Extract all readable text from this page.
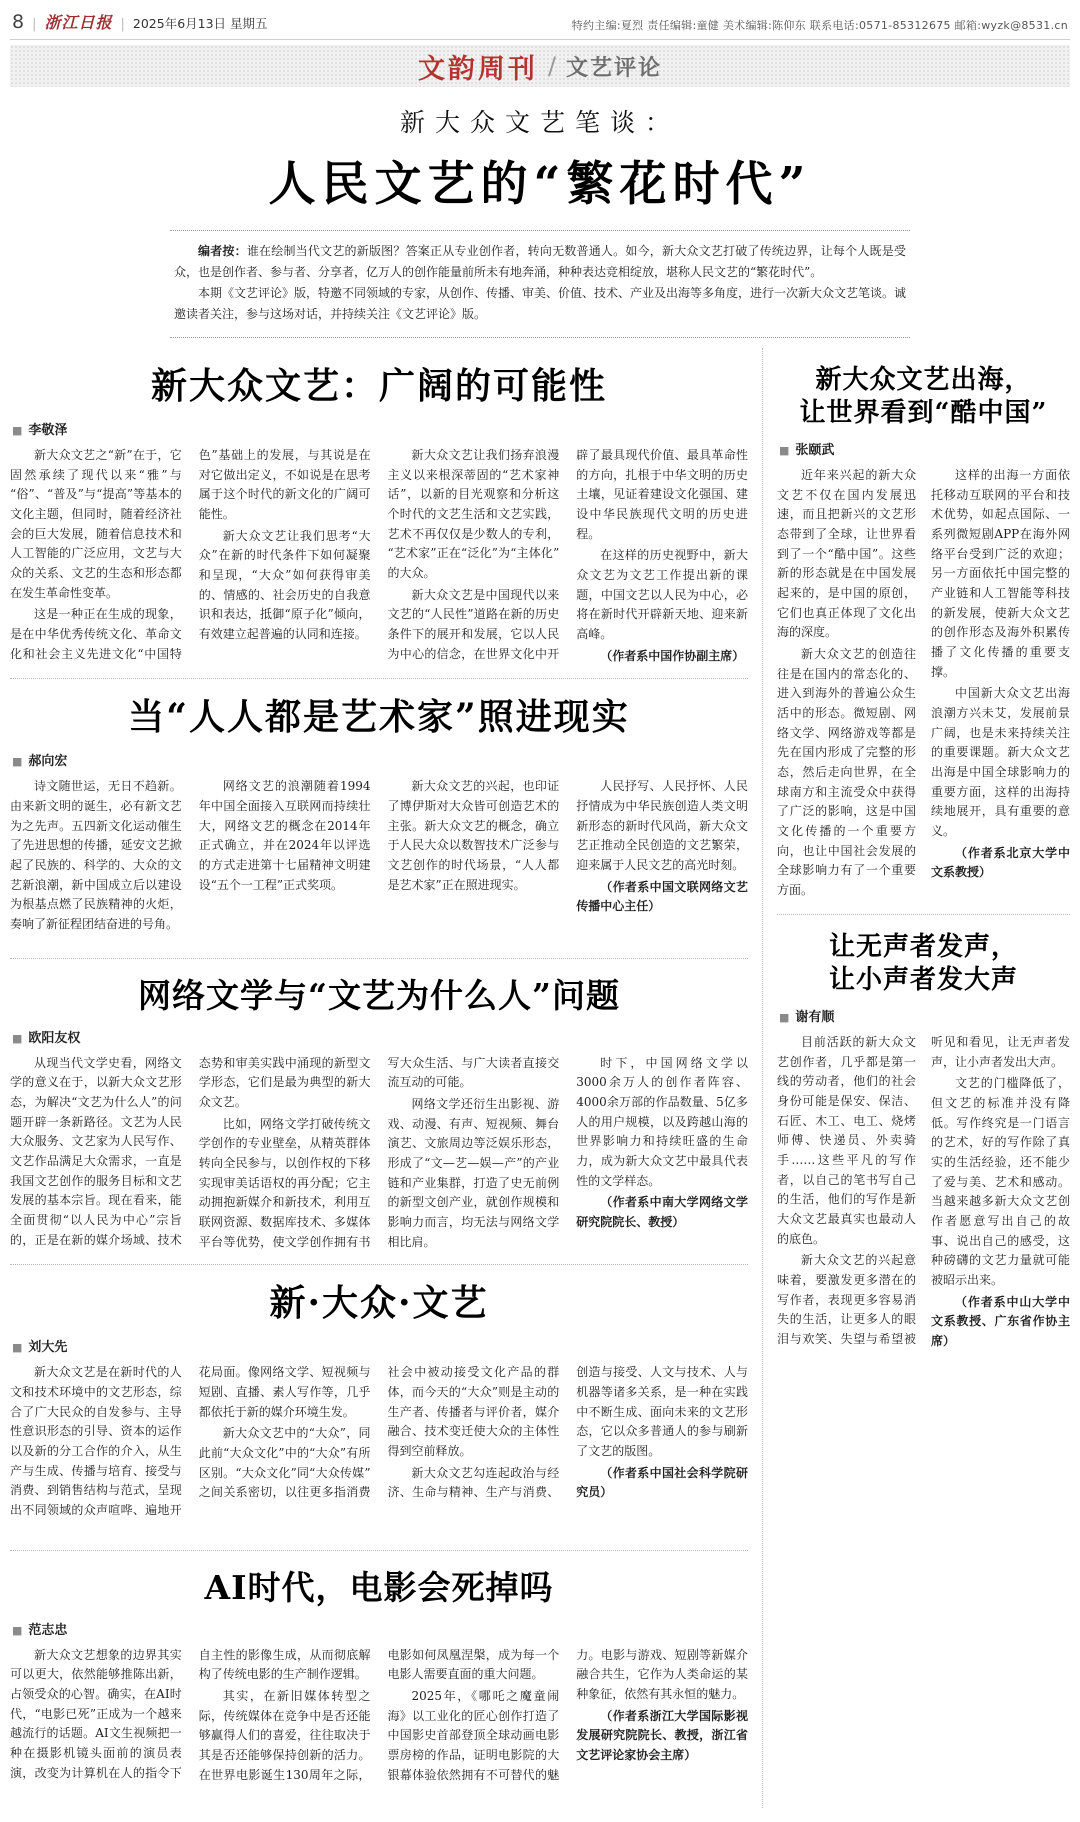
8 | 浙江日报 | 2025年6月13日 星期五	特约主编:夏烈 责任编辑:童健 美术编辑:陈仰东 联系电话:0571-85312675 邮箱:wyzk@8531.cn
文韵周刊 / 文艺评论
新大众文艺笔谈：
人民文艺的“繁花时代”

编者按：谁在绘制当代文艺的新版图？答案正从专业创作者，转向无数普通人。如今，新大众文艺打破了传统边界，让每个人既是受众，也是创作者、参与者、分享者，亿万人的创作能量前所未有地奔涌，种种表达竞相绽放，堪称人民文艺的“繁花时代”。

本期《文艺评论》版，特邀不同领域的专家，从创作、传播、审美、价值、技术、产业及出海等多角度，进行一次新大众文艺笔谈。诚邀读者关注，参与这场对话，并持续关注《文艺评论》版。

新大众文艺：广阔的可能性
■ 李敬泽

新大众文艺之“新”在于，它固然承续了现代以来“雅”与“俗”、“普及”与“提高”等基本的文化主题，但同时，随着经济社会的巨大发展，随着信息技术和人工智能的广泛应用，文艺与大众的关系、文艺的生态和形态都在发生革命性变革。

这是一种正在生成的现象，是在中华优秀传统文化、革命文化和社会主义先进文化“中国特色”基础上的发展，与其说是在对它做出定义，不如说是在思考属于这个时代的新文化的广阔可能性。

新大众文艺让我们思考“大众”在新的时代条件下如何凝聚和呈现，“大众”如何获得审美的、情感的、社会历史的自我意识和表达，抵御“原子化”倾向，有效建立起普遍的认同和连接。

新大众文艺让我们扬弃浪漫主义以来根深蒂固的“艺术家神话”，以新的目光观察和分析这个时代的文艺生活和文艺实践，艺术不再仅仅是少数人的专利，“艺术家”正在“泛化”为“主体化”的大众。

新大众文艺是中国现代以来文艺的“人民性”道路在新的历史条件下的展开和发展，它以人民为中心的信念，在世界文化中开辟了最具现代价值、最具革命性的方向，扎根于中华文明的历史土壤，见证着建设文化强国、建设中华民族现代文明的历史进程。

在这样的历史视野中，新大众文艺为文艺工作提出新的课题，中国文艺以人民为中心，必将在新时代开辟新天地、迎来新高峰。

（作者系中国作协副主席）

当“人人都是艺术家”照进现实
■ 郝向宏

诗文随世运，无日不趋新。由来新文明的诞生，必有新文艺为之先声。五四新文化运动催生了先进思想的传播，延安文艺掀起了民族的、科学的、大众的文艺新浪潮，新中国成立后以建设为根基点燃了民族精神的火炬，奏响了新征程团结奋进的号角。

网络文艺的浪潮随着1994年中国全面接入互联网而持续壮大，网络文艺的概念在2014年正式确立，并在2024年以评选的方式走进第十七届精神文明建设“五个一工程”正式奖项。

新大众文艺的兴起，也印证了博伊斯对大众皆可创造艺术的主张。新大众文艺的概念，确立于人民大众以数智技术广泛参与文艺创作的时代场景，“人人都是艺术家”正在照进现实。

人民抒写、人民抒怀、人民抒情成为中华民族创造人类文明新形态的新时代风尚，新大众文艺正推动全民创造的文艺繁荣，迎来属于人民文艺的高光时刻。

（作者系中国文联网络文艺传播中心主任）

网络文学与“文艺为什么人”问题
■ 欧阳友权

从现当代文学史看，网络文学的意义在于，以新大众文艺形态，为解决“文艺为什么人”的问题开辟一条新路径。文艺为人民大众服务、文艺家为人民写作、文艺作品满足大众需求，一直是我国文艺创作的服务目标和文艺发展的基本宗旨。现在看来，能全面贯彻“以人民为中心”宗旨的，正是在新的媒介场域、技术态势和审美实践中涌现的新型文学形态，它们是最为典型的新大众文艺。

比如，网络文学打破传统文学创作的专业壁垒，从精英群体转向全民参与，以创作权的下移实现审美话语权的再分配；它主动拥抱新媒介和新技术，利用互联网资源、数据库技术、多媒体平台等优势，使文学创作拥有书写大众生活、与广大读者直接交流互动的可能。

网络文学还衍生出影视、游戏、动漫、有声、短视频、舞台演艺、文旅周边等泛娱乐形态，形成了“文—艺—娱—产”的产业链和产业集群，打造了史无前例的新型文创产业，就创作规模和影响力而言，均无法与网络文学相比肩。

时下，中国网络文学以3000余万人的创作者阵容、4000余万部的作品数量、5亿多人的用户规模，以及跨越山海的世界影响力和持续旺盛的生命力，成为新大众文艺中最具代表性的文学样态。

（作者系中南大学网络文学研究院院长、教授）

新·大众·文艺
■ 刘大先

新大众文艺是在新时代的人文和技术环境中的文艺形态，综合了广大民众的自发参与、主导性意识形态的引导、资本的运作以及新的分工合作的介入，从生产与生成、传播与培育、接受与消费、到销售结构与范式，呈现出不同领域的众声喧哗、遍地开花局面。像网络文学、短视频与短剧、直播、素人写作等，几乎都依托于新的媒介环境生发。

新大众文艺中的“大众”，同此前“大众文化”中的“大众”有所区别。“大众文化”同“大众传媒”之间关系密切，以往更多指消费社会中被动接受文化产品的群体，而今天的“大众”则是主动的生产者、传播者与评价者，媒介融合、技术变迁使大众的主体性得到空前释放。

新大众文艺勾连起政治与经济、生命与精神、生产与消费、创造与接受、人文与技术、人与机器等诸多关系，是一种在实践中不断生成、面向未来的文艺形态，它以众多普通人的参与刷新了文艺的版图。

（作者系中国社会科学院研究员）

AI时代，电影会死掉吗
■ 范志忠

新大众文艺想象的边界其实可以更大，依然能够推陈出新，占领受众的心智。确实，在AI时代，“电影已死”正成为一个越来越流行的话题。AI文生视频把一种在摄影机镜头面前的演员表演，改变为计算机在人的指令下自主性的影像生成，从而彻底解构了传统电影的生产制作逻辑。

其实，在新旧媒体转型之际，传统媒体在竞争中是否还能够赢得人们的喜爱，往往取决于其是否还能够保持创新的活力。在世界电影诞生130周年之际，电影如何凤凰涅槃，成为每一个电影人需要直面的重大问题。

2025年，《哪吒之魔童闹海》以工业化的匠心创作打造了中国影史首部登顶全球动画电影票房榜的作品，证明电影院的大银幕体验依然拥有不可替代的魅力。电影与游戏、短剧等新媒介融合共生，它作为人类命运的某种象征，依然有其永恒的魅力。

（作者系浙江大学国际影视发展研究院院长、教授，浙江省文艺评论家协会主席）

新大众文艺出海，
让世界看到“酷中国”
■ 张颐武

近年来兴起的新大众文艺不仅在国内发展迅速，而且把新兴的文艺形态带到了全球，让世界看到了一个“酷中国”。这些新的形态就是在中国发展起来的，是中国的原创，它们也真正体现了文化出海的深度。

新大众文艺的创造往往是在国内的常态化的、进入到海外的普遍公众生活中的形态。微短剧、网络文学、网络游戏等都是先在国内形成了完整的形态，然后走向世界，在全球南方和主流受众中获得了广泛的影响，这是中国文化传播的一个重要方向，也让中国社会发展的全球影响力有了一个重要方面。

这样的出海一方面依托移动互联网的平台和技术优势，如起点国际、一系列微短剧APP在海外网络平台受到广泛的欢迎；另一方面依托中国完整的产业链和人工智能等科技的新发展，使新大众文艺的创作形态及海外积累传播了文化传播的重要支撑。

中国新大众文艺出海浪潮方兴未艾，发展前景广阔，也是未来持续关注的重要课题。新大众文艺出海是中国全球影响力的重要方面，这样的出海持续地展开，具有重要的意义。

（作者系北京大学中文系教授）

让无声者发声，
让小声者发大声
■ 谢有顺

目前活跃的新大众文艺创作者，几乎都是第一线的劳动者，他们的社会身份可能是保安、保洁、石匠、木工、电工、烧烤师傅、快递员、外卖骑手……这些平凡的写作者，以自己的笔书写自己的生活，他们的写作是新大众文艺最真实也最动人的底色。

新大众文艺的兴起意味着，要激发更多潜在的写作者，表现更多容易消失的生活，让更多人的眼泪与欢笑、失望与希望被听见和看见，让无声者发声，让小声者发出大声。

文艺的门槛降低了，但文艺的标准并没有降低。写作终究是一门语言的艺术，好的写作除了真实的生活经验，还不能少了爱与美、艺术和感动。当越来越多新大众文艺创作者愿意写出自己的故事、说出自己的感受，这种磅礴的文艺力量就可能被昭示出来。

（作者系中山大学中文系教授、广东省作协主席）
